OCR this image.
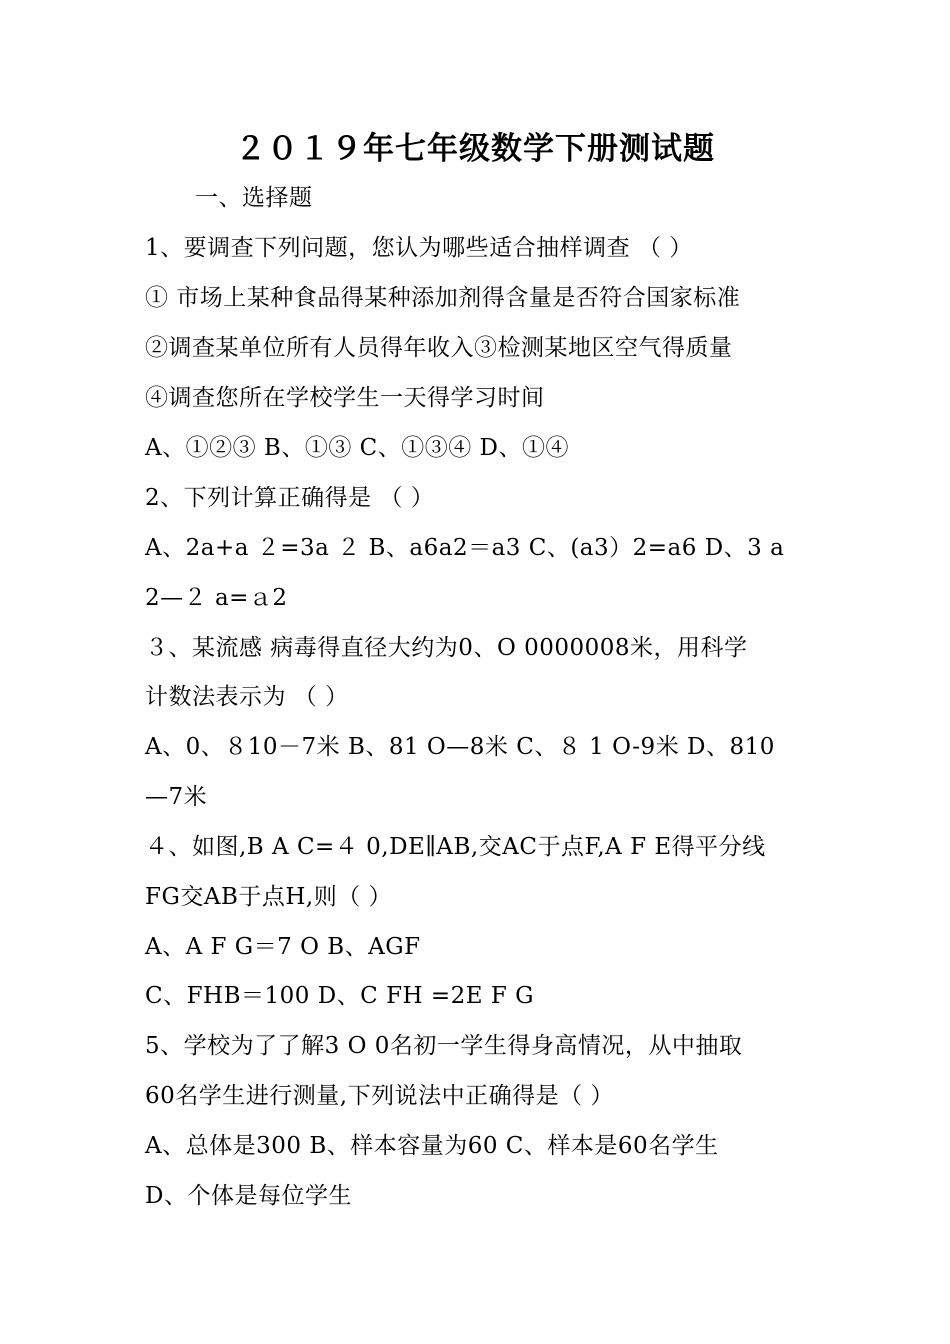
２０１９年七年级数学下册测试题
一、选择题
1、要调查下列问题，您认为哪些适合抽样调查 （ ）
① 市场上某种食品得某种添加剂得含量是否符合国家标准
②调查某单位所有人员得年收入③检测某地区空气得质量
④调查您所在学校学生一天得学习时间
A、①②③ B、①③ C、①③④ D、①④
2、下列计算正确得是 （ ）
A、2a+a ２=3a ２ B、a6a2＝a3 C、(a3）2=a6 D、3 a
2—２ a=ａ2
３、某流感 病毒得直径大约为0、O 0000008米，用科学
计数法表示为 （ ）
A、0、８10－7米 B、81 O—8米 C、８ 1 O-9米 D、810
—7米
４、如图,B A C=４ 0,DE∥AB,交AC于点F,A F E得平分线
FG交AB于点H,则（ ）
A、A F G＝7 O B、AGF
C、FHB＝100 D、C FH =2E F G
5、学校为了了解3 O 0名初一学生得身高情况，从中抽取
60名学生进行测量,下列说法中正确得是（ ）
A、总体是300 B、样本容量为60 C、样本是60名学生
D、个体是每位学生
